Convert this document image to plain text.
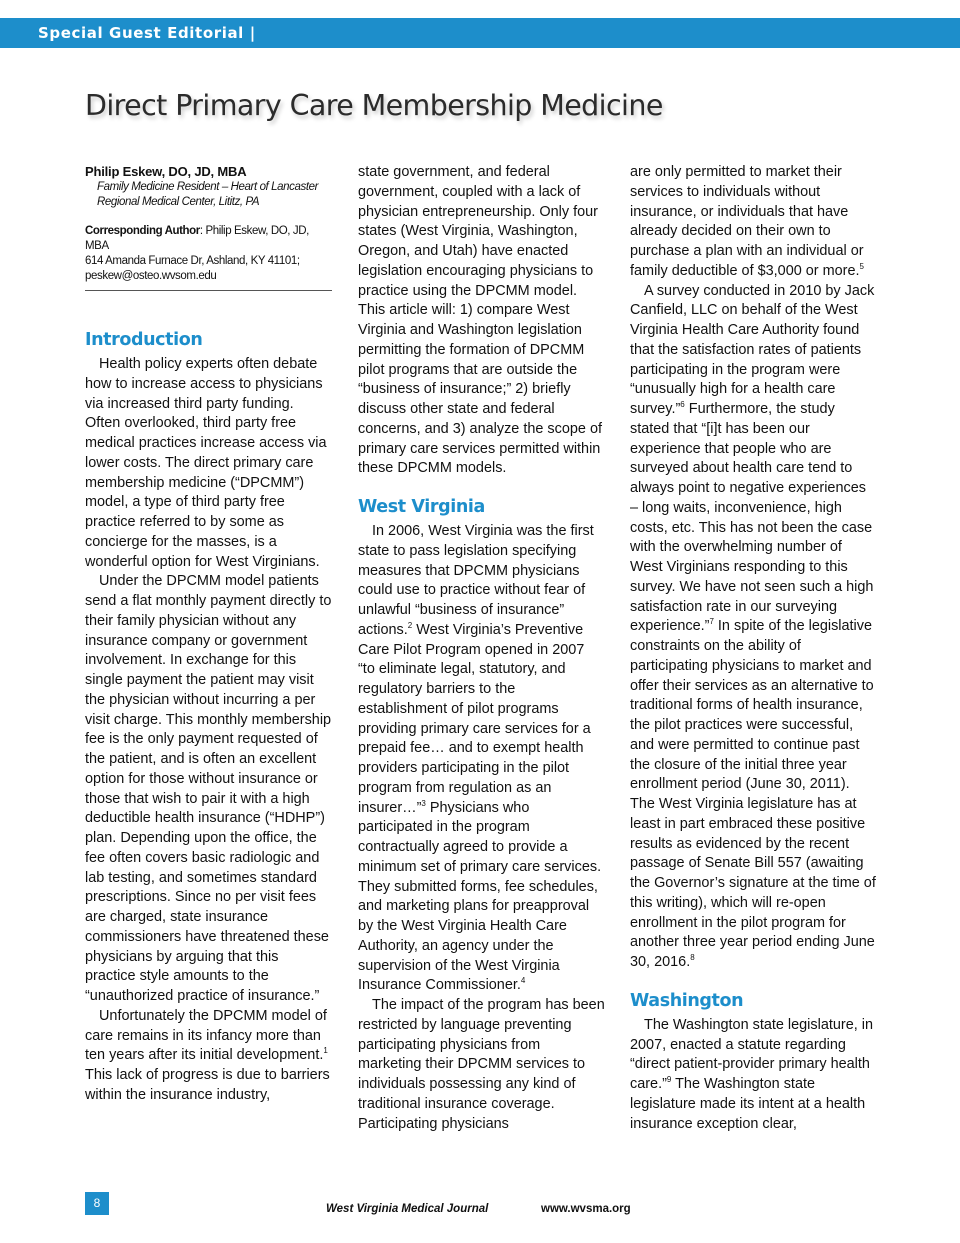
Special Guest Editorial |
Direct Primary Care Membership Medicine
Philip Eskew, DO, JD, MBA
Family Medicine Resident – Heart of Lancaster
Regional Medical Center, Lititz, PA
Corresponding Author: Philip Eskew, DO, JD, MBA
614 Amanda Furnace Dr, Ashland, KY 41101;
peskew@osteo.wvsom.edu
Introduction

Health policy experts often debate how to increase access to physicians via increased third party funding. Often overlooked, third party free medical practices increase access via lower costs. The direct primary care membership medicine (“DPCMM”) model, a type of third party free practice referred to by some as concierge for the masses, is a wonderful option for West Virginians.

Under the DPCMM model patients send a flat monthly payment directly to their family physician without any insurance company or government involvement. In exchange for this single payment the patient may visit the physician without incurring a per visit charge. This monthly membership fee is the only payment requested of the patient, and is often an excellent option for those without insurance or those that wish to pair it with a high deductible health insurance (“HDHP”) plan. Depending upon the office, the fee often covers basic radiologic and lab testing, and sometimes standard prescriptions. Since no per visit fees are charged, state insurance commissioners have threatened these physicians by arguing that this practice style amounts to the “unauthorized practice of insurance.”

Unfortunately the DPCMM model of care remains in its infancy more than ten years after its initial development.$^1$ This lack of progress is due to barriers within the insurance industry,

state government, and federal government, coupled with a lack of physician entrepreneurship. Only four states (West Virginia, Washington, Oregon, and Utah) have enacted legislation encouraging physicians to practice using the DPCMM model. This article will: 1) compare West Virginia and Washington legislation permitting the formation of DPCMM pilot programs that are outside the “business of insurance;” 2) briefly discuss other state and federal concerns, and 3) analyze the scope of primary care services permitted within these DPCMM models.

West Virginia

In 2006, West Virginia was the first state to pass legislation specifying measures that DPCMM physicians could use to practice without fear of unlawful “business of insurance” actions.$^2$ West Virginia’s Preventive Care Pilot Program opened in 2007 “to eliminate legal, statutory, and regulatory barriers to the establishment of pilot programs providing primary care services for a prepaid fee… and to exempt health providers participating in the pilot program from regulation as an insurer…”$^3$ Physicians who participated in the program contractually agreed to provide a minimum set of primary care services. They submitted forms, fee schedules, and marketing plans for preapproval by the West Virginia Health Care Authority, an agency under the supervision of the West Virginia Insurance Commissioner.$^4$

The impact of the program has been restricted by language preventing participating physicians from marketing their DPCMM services to individuals possessing any kind of traditional insurance coverage. Participating physicians

are only permitted to market their services to individuals without insurance, or individuals that have already decided on their own to purchase a plan with an individual or family deductible of $3,000 or more.$^5$

A survey conducted in 2010 by Jack Canfield, LLC on behalf of the West Virginia Health Care Authority found that the satisfaction rates of patients participating in the program were “unusually high for a health care survey.”$^6$ Furthermore, the study stated that “[i]t has been our experience that people who are surveyed about health care tend to always point to negative experiences – long waits, inconvenience, high costs, etc. This has not been the case with the overwhelming number of West Virginians responding to this survey. We have not seen such a high satisfaction rate in our surveying experience.”$^7$ In spite of the legislative constraints on the ability of participating physicians to market and offer their services as an alternative to traditional forms of health insurance, the pilot practices were successful, and were permitted to continue past the closure of the initial three year enrollment period (June 30, 2011). The West Virginia legislature has at least in part embraced these positive results as evidenced by the recent passage of Senate Bill 557 (awaiting the Governor’s signature at the time of this writing), which will re-open enrollment in the pilot program for another three year period ending June 30, 2016.$^8$

Washington

The Washington state legislature, in 2007, enacted a statute regarding “direct patient-provider primary health care.”$^9$ The Washington state legislature made its intent at a health insurance exception clear,

8	West Virginia Medical Journal	www.wvsma.org
